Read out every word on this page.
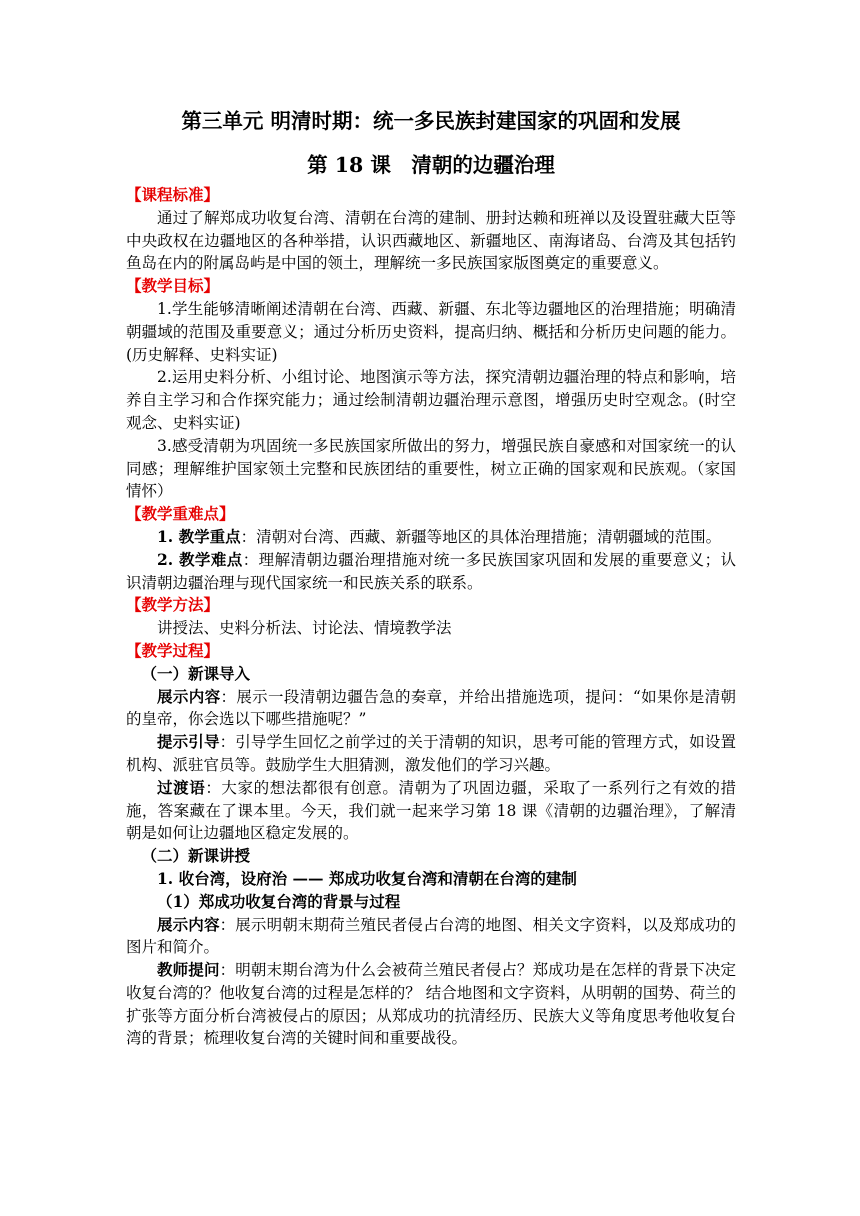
第三单元 明清时期：统一多民族封建国家的巩固和发展
第 18 课　清朝的边疆治理
【课程标准】
通过了解郑成功收复台湾、清朝在台湾的建制、册封达赖和班禅以及设置驻藏大臣等中央政权在边疆地区的各种举措，认识西藏地区、新疆地区、南海诸岛、台湾及其包括钓鱼岛在内的附属岛屿是中国的领土，理解统一多民族国家版图奠定的重要意义。
【教学目标】
1.学生能够清晰阐述清朝在台湾、西藏、新疆、东北等边疆地区的治理措施；明确清朝疆域的范围及重要意义；通过分析历史资料，提高归纳、概括和分析历史问题的能力。(历史解释、史料实证)
2.运用史料分析、小组讨论、地图演示等方法，探究清朝边疆治理的特点和影响，培养自主学习和合作探究能力；通过绘制清朝边疆治理示意图，增强历史时空观念。(时空观念、史料实证)
3.感受清朝为巩固统一多民族国家所做出的努力，增强民族自豪感和对国家统一的认同感；理解维护国家领土完整和民族团结的重要性，树立正确的国家观和民族观。（家国情怀）
【教学重难点】
1. 教学重点：清朝对台湾、西藏、新疆等地区的具体治理措施；清朝疆域的范围。
2. 教学难点：理解清朝边疆治理措施对统一多民族国家巩固和发展的重要意义；认识清朝边疆治理与现代国家统一和民族关系的联系。
【教学方法】
讲授法、史料分析法、讨论法、情境教学法
【教学过程】
（一）新课导入
展示内容：展示一段清朝边疆告急的奏章，并给出措施选项，提问：“如果你是清朝的皇帝，你会选以下哪些措施呢？”
提示引导：引导学生回忆之前学过的关于清朝的知识，思考可能的管理方式，如设置机构、派驻官员等。鼓励学生大胆猜测，激发他们的学习兴趣。
过渡语：大家的想法都很有创意。清朝为了巩固边疆，采取了一系列行之有效的措施，答案藏在了课本里。今天，我们就一起来学习第 18 课《清朝的边疆治理》，了解清朝是如何让边疆地区稳定发展的。
（二）新课讲授
1. 收台湾，设府治 —— 郑成功收复台湾和清朝在台湾的建制
（1）郑成功收复台湾的背景与过程
展示内容：展示明朝末期荷兰殖民者侵占台湾的地图、相关文字资料，以及郑成功的图片和简介。
教师提问：明朝末期台湾为什么会被荷兰殖民者侵占？郑成功是在怎样的背景下决定收复台湾的？他收复台湾的过程是怎样的？ 结合地图和文字资料，从明朝的国势、荷兰的扩张等方面分析台湾被侵占的原因；从郑成功的抗清经历、民族大义等角度思考他收复台湾的背景；梳理收复台湾的关键时间和重要战役。
